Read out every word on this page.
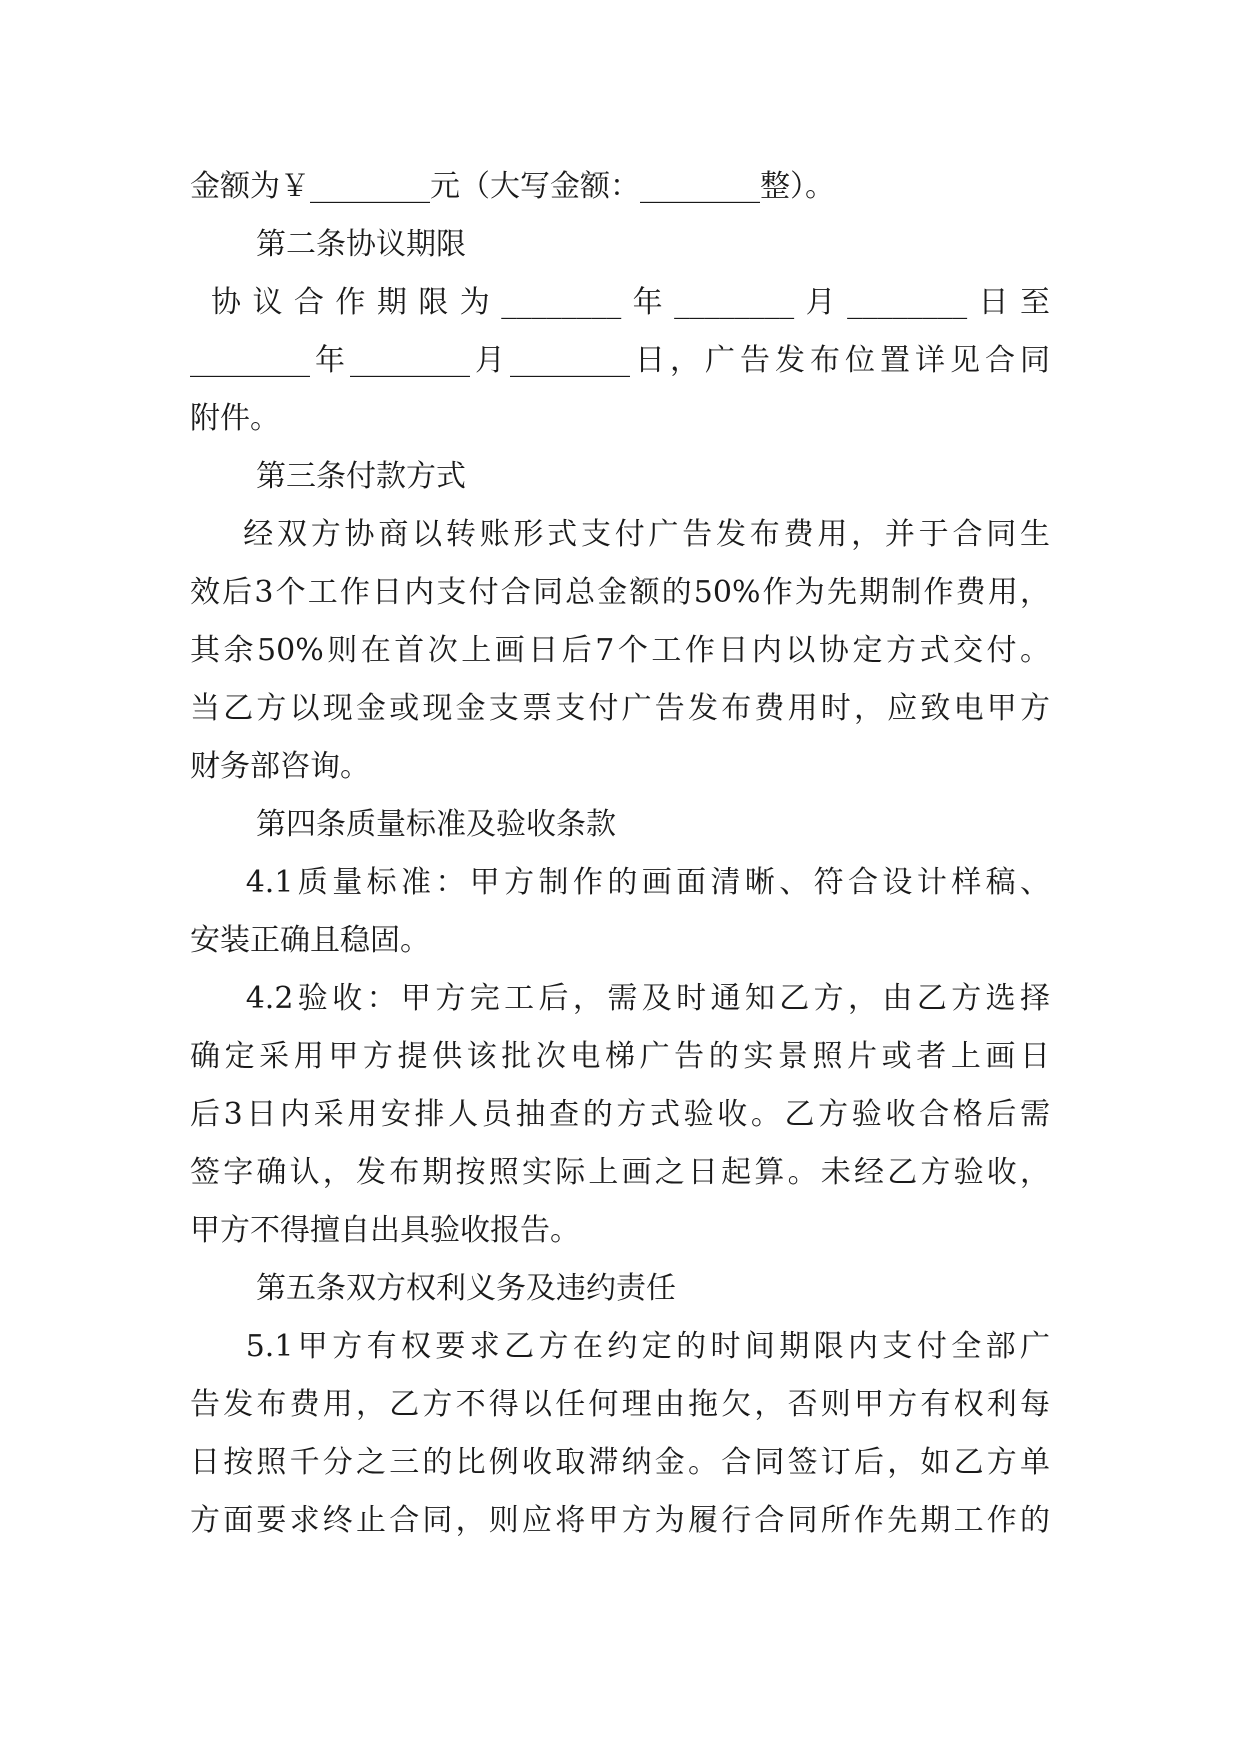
金额为￥________元（大写金额：________整）。
第二条协议期限
协议合作期限为________年________月________日至
________年________月________日，广告发布位置详见合同
附件。
第三条付款方式
经双方协商以转账形式支付广告发布费用，并于合同生
效后3个工作日内支付合同总金额的50%作为先期制作费用，
其余50%则在首次上画日后7个工作日内以协定方式交付。
当乙方以现金或现金支票支付广告发布费用时，应致电甲方
财务部咨询。
第四条质量标准及验收条款
4.1质量标准：甲方制作的画面清晰、符合设计样稿、
安装正确且稳固。
4.2验收：甲方完工后，需及时通知乙方，由乙方选择
确定采用甲方提供该批次电梯广告的实景照片或者上画日
后3日内采用安排人员抽查的方式验收。乙方验收合格后需
签字确认，发布期按照实际上画之日起算。未经乙方验收，
甲方不得擅自出具验收报告。
第五条双方权利义务及违约责任
5.1甲方有权要求乙方在约定的时间期限内支付全部广
告发布费用，乙方不得以任何理由拖欠，否则甲方有权利每
日按照千分之三的比例收取滞纳金。合同签订后，如乙方单
方面要求终止合同，则应将甲方为履行合同所作先期工作的
